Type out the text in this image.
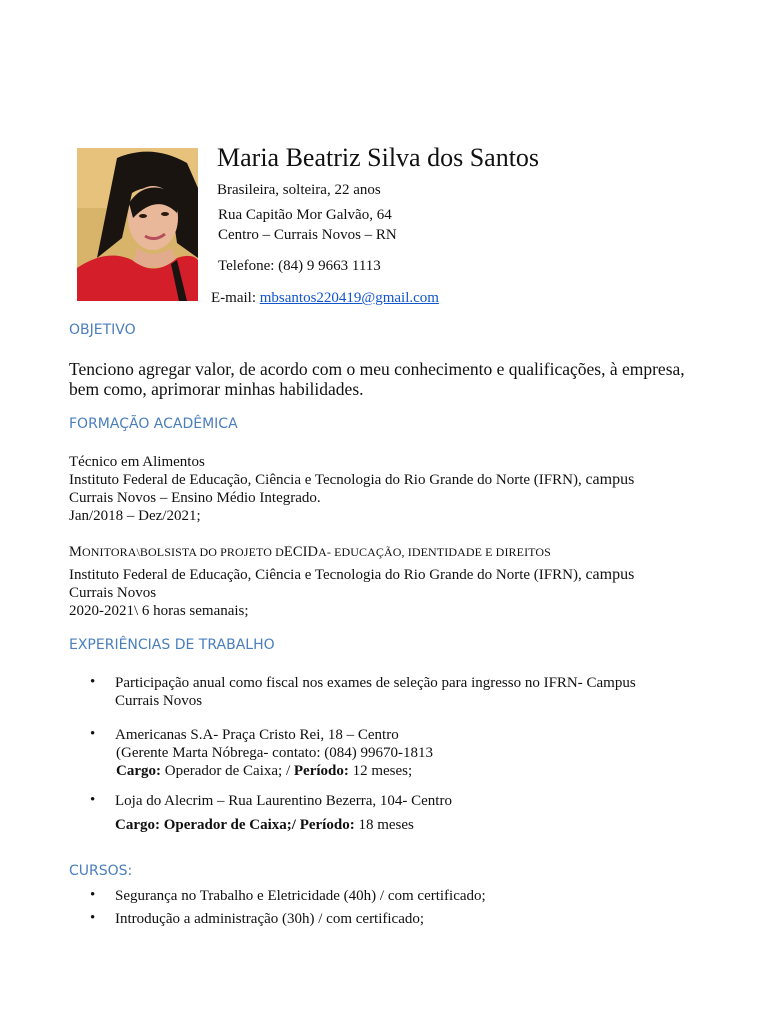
Maria Beatriz Silva dos Santos
Brasileira, solteira, 22 anos
Rua Capitão Mor Galvão, 64
Centro – Currais Novos – RN
Telefone: (84) 9 9663 1113
E-mail: mbsantos220419@gmail.com
OBJETIVO
Tenciono agregar valor, de acordo com o meu conhecimento e qualificações, à empresa, bem como, aprimorar minhas habilidades.
FORMAÇÃO ACADÊMICA
Técnico em Alimentos
Instituto Federal de Educação, Ciência e Tecnologia do Rio Grande do Norte (IFRN), campus
Currais Novos – Ensino Médio Integrado.
Jan/2018 – Dez/2021;
MONITORA\BOLSISTA DO PROJETO DECIDA- EDUCAÇÃO, IDENTIDADE E DIREITOS
Instituto Federal de Educação, Ciência e Tecnologia do Rio Grande do Norte (IFRN), campus
Currais Novos
2020-2021\ 6 horas semanais;
EXPERIÊNCIAS DE TRABALHO
• Participação anual como fiscal nos exames de seleção para ingresso no IFRN- Campus
Currais Novos
• Americanas S.A- Praça Cristo Rei, 18 – Centro
(Gerente Marta Nóbrega- contato: (084) 99670-1813
Cargo: Operador de Caixa; / Período: 12 meses;
• Loja do Alecrim – Rua Laurentino Bezerra, 104- Centro
Cargo: Operador de Caixa;/ Período: 18 meses
CURSOS:
• Segurança no Trabalho e Eletricidade (40h) / com certificado;
• Introdução a administração (30h) / com certificado;
